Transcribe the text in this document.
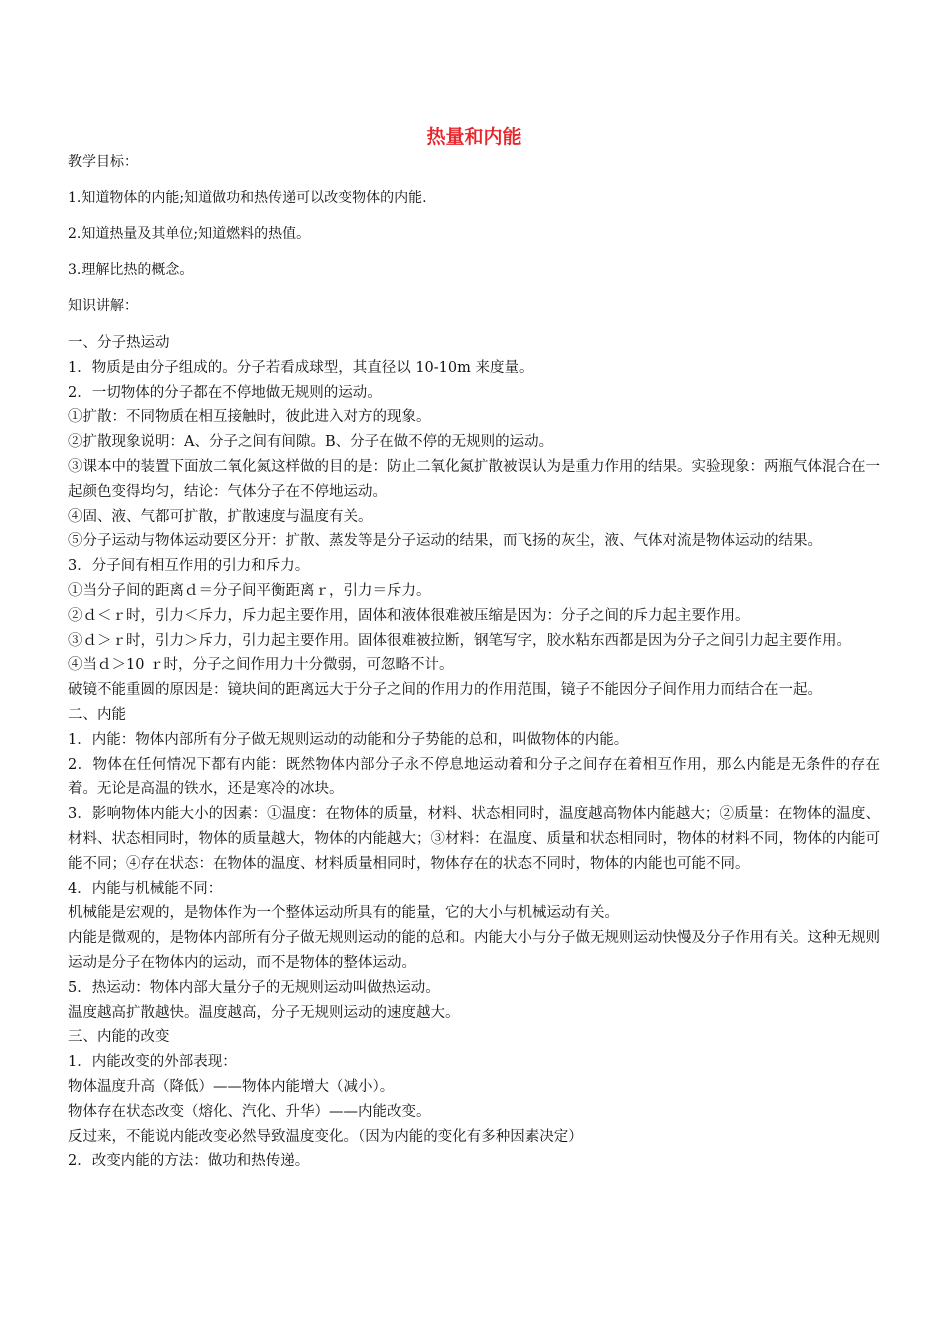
热量和内能

教学目标：

1.知道物体的内能;知道做功和热传递可以改变物体的内能.

2.知道热量及其单位;知道燃料的热值。

3.理解比热的概念。

知识讲解：

一、分子热运动

1．物质是由分子组成的。分子若看成球型，其直径以 10-10m 来度量。

2．一切物体的分子都在不停地做无规则的运动。

①扩散：不同物质在相互接触时，彼此进入对方的现象。

②扩散现象说明：A、分子之间有间隙。B、分子在做不停的无规则的运动。

③课本中的装置下面放二氧化氮这样做的目的是：防止二氧化氮扩散被误认为是重力作用的结果。实验现象：两瓶气体混合在一起颜色变得均匀，结论：气体分子在不停地运动。

④固、液、气都可扩散，扩散速度与温度有关。

⑤分子运动与物体运动要区分开：扩散、蒸发等是分子运动的结果，而飞扬的灰尘，液、气体对流是物体运动的结果。

3．分子间有相互作用的引力和斥力。

①当分子间的距离ｄ＝分子间平衡距离ｒ，引力＝斥力。

②ｄ＜ｒ时，引力＜斥力，斥力起主要作用，固体和液体很难被压缩是因为：分子之间的斥力起主要作用。

③ｄ＞ｒ时，引力＞斥力，引力起主要作用。固体很难被拉断，钢笔写字，胶水粘东西都是因为分子之间引力起主要作用。

④当ｄ＞10 ｒ时，分子之间作用力十分微弱，可忽略不计。

破镜不能重圆的原因是：镜块间的距离远大于分子之间的作用力的作用范围，镜子不能因分子间作用力而结合在一起。

二、内能

1．内能：物体内部所有分子做无规则运动的动能和分子势能的总和，叫做物体的内能。

2．物体在任何情况下都有内能：既然物体内部分子永不停息地运动着和分子之间存在着相互作用，那么内能是无条件的存在着。无论是高温的铁水，还是寒冷的冰块。

3．影响物体内能大小的因素：①温度：在物体的质量，材料、状态相同时，温度越高物体内能越大；②质量：在物体的温度、材料、状态相同时，物体的质量越大，物体的内能越大；③材料：在温度、质量和状态相同时，物体的材料不同，物体的内能可能不同；④存在状态：在物体的温度、材料质量相同时，物体存在的状态不同时，物体的内能也可能不同。

4．内能与机械能不同：

机械能是宏观的，是物体作为一个整体运动所具有的能量，它的大小与机械运动有关。

内能是微观的，是物体内部所有分子做无规则运动的能的总和。内能大小与分子做无规则运动快慢及分子作用有关。这种无规则运动是分子在物体内的运动，而不是物体的整体运动。

5．热运动：物体内部大量分子的无规则运动叫做热运动。

温度越高扩散越快。温度越高，分子无规则运动的速度越大。

三、内能的改变

1．内能改变的外部表现：

物体温度升高（降低）——物体内能增大（减小）。

物体存在状态改变（熔化、汽化、升华）——内能改变。

反过来，不能说内能改变必然导致温度变化。（因为内能的变化有多种因素决定）

2．改变内能的方法：做功和热传递。
